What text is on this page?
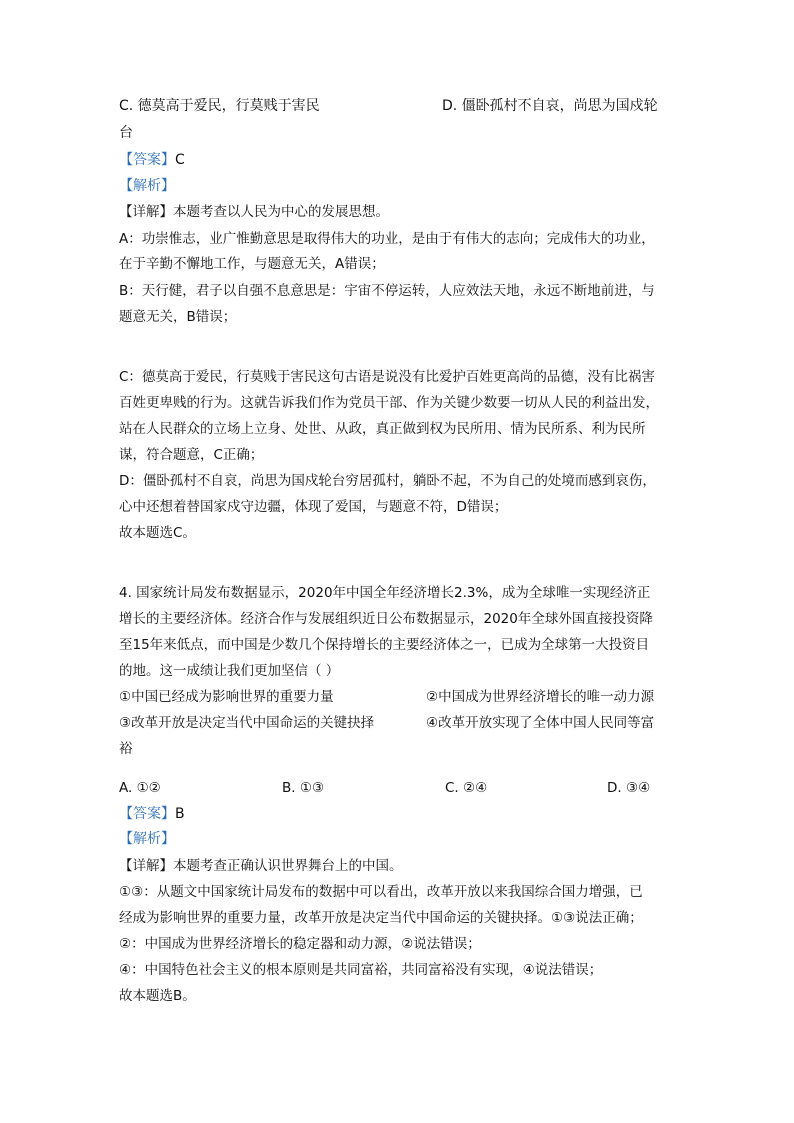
C. 德莫高于爱民，行莫贱于害民	D. 僵卧孤村不自哀，尚思为国戍轮
台
【答案】C
【解析】
【详解】本题考查以人民为中心的发展思想。
A：功崇惟志，业广惟勤意思是取得伟大的功业，是由于有伟大的志向；完成伟大的功业，
在于辛勤不懈地工作，与题意无关，A错误；
B：天行健，君子以自强不息意思是：宇宙不停运转，人应效法天地，永远不断地前进，与
题意无关，B错误；
C：德莫高于爱民，行莫贱于害民这句古语是说没有比爱护百姓更高尚的品德，没有比祸害
百姓更卑贱的行为。这就告诉我们作为党员干部、作为关键少数要一切从人民的利益出发，
站在人民群众的立场上立身、处世、从政，真正做到权为民所用、情为民所系、利为民所
谋，符合题意，C正确；
D：僵卧孤村不自哀，尚思为国戍轮台穷居孤村，躺卧不起，不为自己的处境而感到哀伤，
心中还想着替国家戍守边疆，体现了爱国，与题意不符，D错误；
故本题选C。
4. 国家统计局发布数据显示，2020年中国全年经济增长2.3%，成为全球唯一实现经济正
增长的主要经济体。经济合作与发展组织近日公布数据显示，2020年全球外国直接投资降
至15年来低点，而中国是少数几个保持增长的主要经济体之一，已成为全球第一大投资目
的地。这一成绩让我们更加坚信（ ）
①中国已经成为影响世界的重要力量	②中国成为世界经济增长的唯一动力源
③改革开放是决定当代中国命运的关键抉择	④改革开放实现了全体中国人民同等富
裕
A. ①②	B. ①③	C. ②④	D. ③④
【答案】B
【解析】
【详解】本题考查正确认识世界舞台上的中国。
①③：从题文中国家统计局发布的数据中可以看出，改革开放以来我国综合国力增强，已
经成为影响世界的重要力量，改革开放是决定当代中国命运的关键抉择。①③说法正确；
②：中国成为世界经济增长的稳定器和动力源，②说法错误；
④：中国特色社会主义的根本原则是共同富裕，共同富裕没有实现，④说法错误；
故本题选B。
